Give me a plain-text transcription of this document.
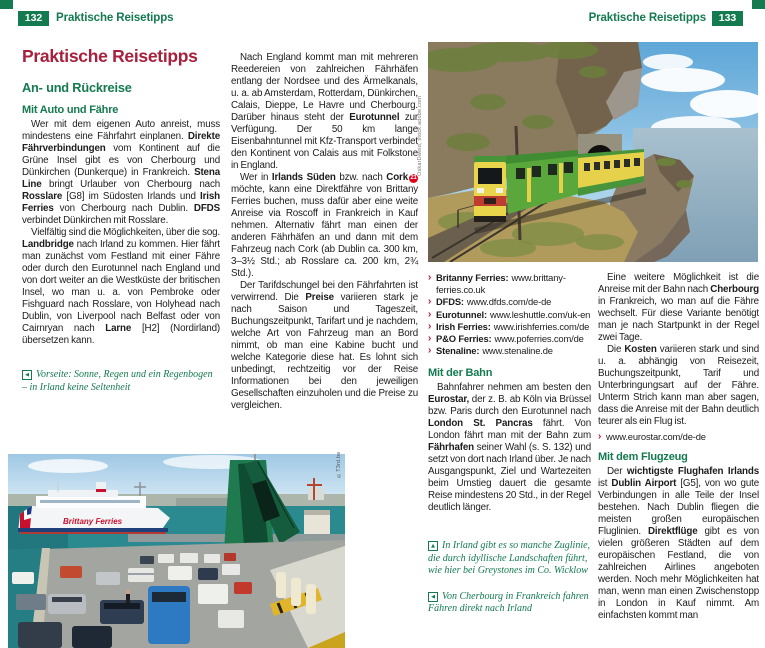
132	Praktische Reisetipps	Praktische Reisetipps	133
Praktische Reisetipps
An- und Rückreise
Mit Auto und Fähre

Wer mit dem eigenen Auto anreist, muss mindestens eine Fährfahrt einplanen. Direkte Fährverbindungen vom Kontinent auf die Grüne Insel gibt es von Cherbourg und Dünkirchen (Dunkerque) in Frankreich. Stena Line bringt Urlauber von Cherbourg nach Rosslare [G8] im Südosten Irlands und Irish Ferries von Cherbourg nach Dublin. DFDS verbindet Dünkirchen mit Rosslare.

Vielfältig sind die Möglichkeiten, über die sog. Landbridge nach Irland zu kommen. Hier fährt man zunächst vom Festland mit einer Fähre oder durch den Eurotunnel nach England und von dort weiter an die Westküste der britischen Insel, wo man u. a. von Pembroke oder Fishguard nach Rosslare, von Holyhead nach Dublin, von Liverpool nach Belfast oder von Cairnryan nach Larne [H2] (Nordirland) übersetzen kann.

◀ Vorseite: Sonne, Regen und ein Regenbogen – in Irland keine Seltenheit

Nach England kommt man mit mehreren Reedereien von zahlreichen Fährhäfen entlang der Nordsee und des Ärmelkanals, u. a. ab Amsterdam, Rotterdam, Dünkirchen, Calais, Dieppe, Le Havre und Cherbourg. Darüber hinaus steht der Eurotunnel zur Verfügung. Der 50 km lange Eisenbahntunnel mit Kfz-Transport verbindet den Kontinent von Calais aus mit Folkstone in England.

Wer in Irlands Süden bzw. nach Cork 21 möchte, kann eine Direktfähre von Brittany Ferries buchen, muss dafür aber eine weite Anreise via Roscoff in Frankreich in Kauf nehmen. Alternativ fährt man einen der anderen Fährhäfen an und dann mit dem Fahrzeug nach Cork (ab Dublin ca. 300 km, 3–3½ Std.; ab Rosslare ca. 200 km, 2¾ Std.).

Der Tarifdschungel bei den Fährfahrten ist verwirrend. Die Preise variieren stark je nach Saison und Tageszeit, Buchungszeitpunkt, Tarifart und je nachdem, welche Art von Fahrzeug man an Bord nimmt, ob man eine Kabine bucht und welche Kategorie diese hat. Es lohnt sich unbedingt, rechtzeitig vor der Reise Informationen bei den jeweiligen Gesellschaften einzuholen und die Preise zu vergleichen.

OskarDawid, stock.adobe.com
› Britanny Ferries: www.brittany-ferries.co.uk
› DFDS: www.dfds.com/de-de
› Eurotunnel: www.leshuttle.com/uk-en
› Irish Ferries: www.irishferries.com/de
› P&O Ferries: www.poferries.com/de
› Stenaline: www.stenaline.de
Mit der Bahn

Bahnfahrer nehmen am besten den Eurostar, der z. B. ab Köln via Brüssel bzw. Paris durch den Eurotunnel nach London St. Pancras fährt. Von London fährt man mit der Bahn zum Fährhafen seiner Wahl (s. S. 132) und setzt von dort nach Irland über. Je nach Ausgangspunkt, Ziel und Wartezeiten beim Umstieg dauert die gesamte Reise mindestens 20 Std., in der Regel deutlich länger.

▲ In Irland gibt es so manche Zuglinie, die durch idyllische Landschaften führt, wie hier bei Greystones im Co. Wicklow
◀ Von Cherbourg in Frankreich fahren Fähren direkt nach Irland

Eine weitere Möglichkeit ist die Anreise mit der Bahn nach Cherbourg in Frankreich, wo man auf die Fähre wechselt. Für diese Variante benötigt man je nach Startpunkt in der Regel zwei Tage.

Die Kosten variieren stark und sind u. a. abhängig von Reisezeit, Buchungszeitpunkt, Tarif und Unterbringungsart auf der Fähre. Unterm Strich kann man aber sagen, dass die Anreise mit der Bahn deutlich teurer als ein Flug ist.

› www.eurostar.com/de-de
Mit dem Flugzeug

Der wichtigste Flughafen Irlands ist Dublin Airport [G5], von wo gute Verbindungen in alle Teile der Insel bestehen. Nach Dublin fliegen die meisten großen europäischen Fluglinien. Direktflüge gibt es von vielen größeren Städten auf dem europäischen Festland, die von zahlreichen Airlines angeboten werden. Noch mehr Möglichkeiten hat man, wenn man einen Zwischenstopp in London in Kauf nimmt. Am einfachsten kommt man

Brittany Ferries
©T3rd.be
